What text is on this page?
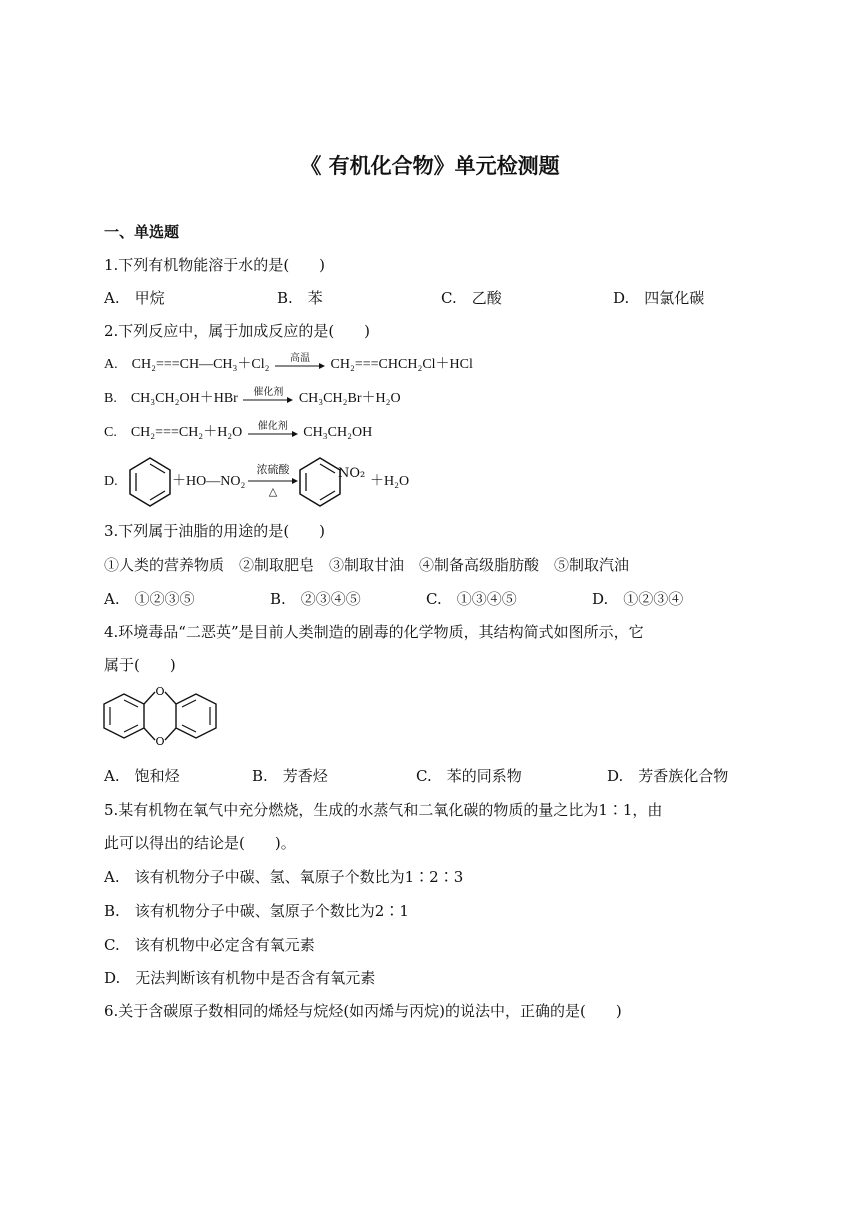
《 有机化合物》单元检测题
一、单选题
1.下列有机物能溶于水的是(　　)
A.　甲烷	B.　苯	C.　乙酸	D.　四氯化碳
2.下列反应中，属于加成反应的是(　　)
A. CH₂===CH—CH₃＋Cl₂	高温	CH₂===CHCH₂Cl＋HCl
B. CH₃CH₂OH＋HBr	催化剂	CH₃CH₂Br＋H₂O
C. CH₂===CH₂＋H₂O	催化剂	CH₃CH₂OH
D.	＋HO—NO₂
浓硫酸
△
NO₂
＋H₂O
3.下列属于油脂的用途的是(　　)
①人类的营养物质　②制取肥皂　③制取甘油　④制备高级脂肪酸　⑤制取汽油
A.　①②③⑤	B.　②③④⑤	C.　①③④⑤	D.　①②③④
4.环境毒品“二恶英”是目前人类制造的剧毒的化学物质，其结构简式如图所示，它
属于(　　)
O
O
A.　饱和烃	B.　芳香烃	C.　苯的同系物	D.　芳香族化合物
5.某有机物在氧气中充分燃烧，生成的水蒸气和二氧化碳的物质的量之比为1∶1，由
此可以得出的结论是(　　)。
A.　该有机物分子中碳、氢、氧原子个数比为1∶2∶3
B.　该有机物分子中碳、氢原子个数比为2∶1
C.　该有机物中必定含有氧元素
D.　无法判断该有机物中是否含有氧元素
6.关于含碳原子数相同的烯烃与烷烃(如丙烯与丙烷)的说法中，正确的是(　　)
